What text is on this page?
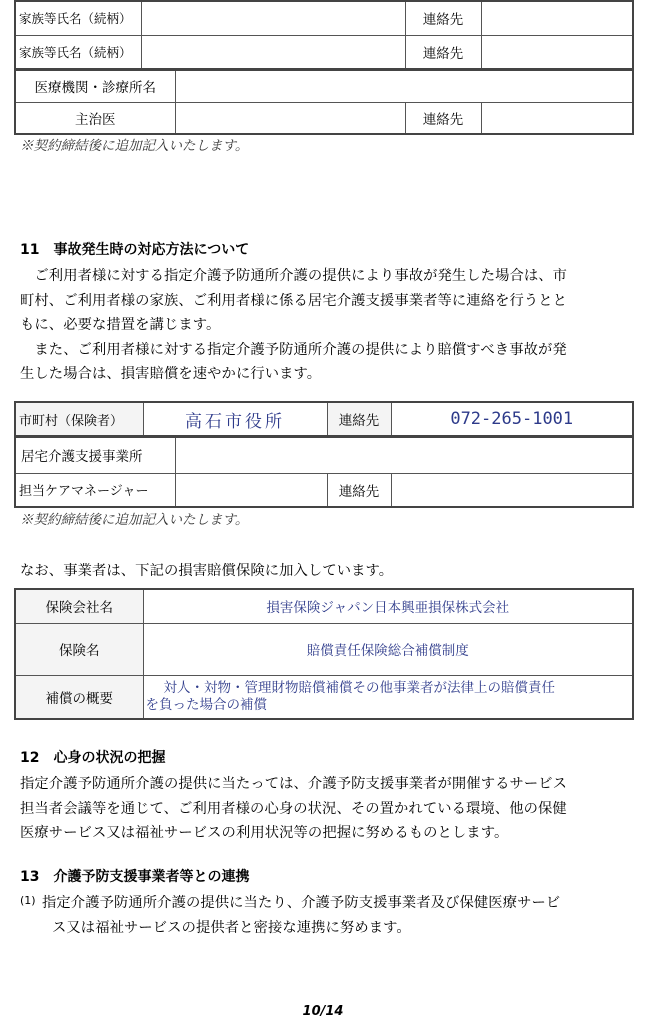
家族等氏名（続柄）		連絡先	
家族等氏名（続柄）		連絡先	
医療機関・診療所名			
主治医		連絡先	
※契約締結後に追加記入いたします。
11　事故発生時の対応方法について
　ご利用者様に対する指定介護予防通所介護の提供により事故が発生した場合は、市
町村、ご利用者様の家族、ご利用者様に係る居宅介護支援事業者等に連絡を行うとと
もに、必要な措置を講じます。
　また、ご利用者様に対する指定介護予防通所介護の提供により賠償すべき事故が発
生した場合は、損害賠償を速やかに行います。
市町村（保険者）	高石市役所	連絡先	072-265-1001
居宅介護支援事業所			
担当ケアマネージャー		連絡先	
※契約締結後に追加記入いたします。
なお、事業者は、下記の損害賠償保険に加入しています。
保険会社名	損害保険ジャパン日本興亜損保株式会社
保険名	賠償責任保険総合補償制度
補償の概要	対人・対物・管理財物賠償補償その他事業者が法律上の賠償責任
を負った場合の補償
12　心身の状況の把握
指定介護予防通所介護の提供に当たっては、介護予防支援事業者が開催するサービス
担当者会議等を通じて、ご利用者様の心身の状況、その置かれている環境、他の保健
医療サービス又は福祉サービスの利用状況等の把握に努めるものとします。
13　介護予防支援事業者等との連携
(1) 指定介護予防通所介護の提供に当たり、介護予防支援事業者及び保健医療サービ
ス又は福祉サービスの提供者と密接な連携に努めます。
10/14
